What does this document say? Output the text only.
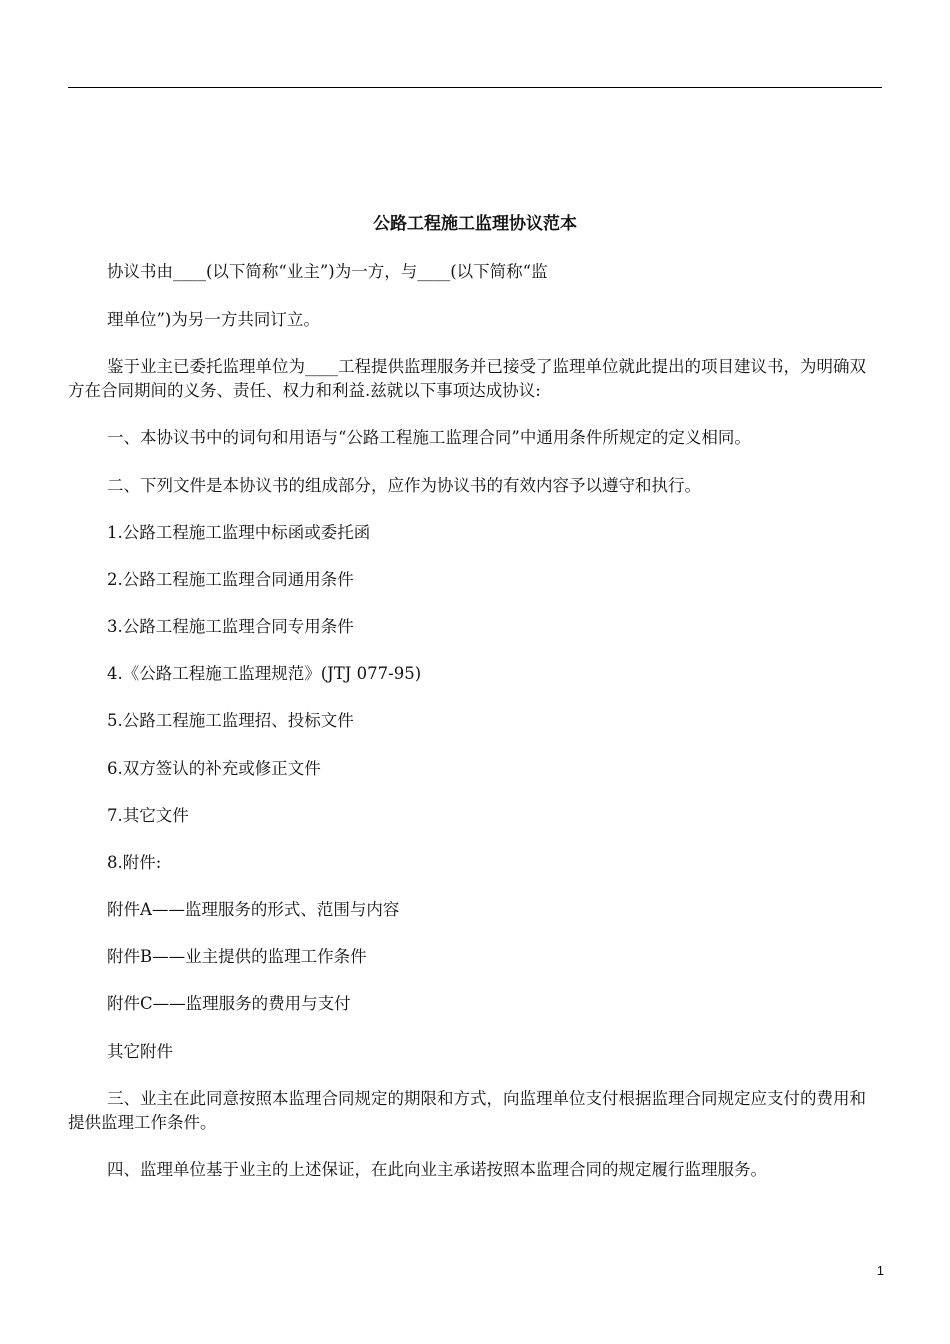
公路工程施工监理协议范本

协议书由____(以下简称“业主”)为一方，与____(以下简称“监

理单位”)为另一方共同订立。

鉴于业主已委托监理单位为____工程提供监理服务并已接受了监理单位就此提出的项目建议书，为明确双方在合同期间的义务、责任、权力和利益.兹就以下事项达成协议:

一、本协议书中的词句和用语与“公路工程施工监理合同”中通用条件所规定的定义相同。

二、下列文件是本协议书的组成部分，应作为协议书的有效内容予以遵守和执行。

1.公路工程施工监理中标函或委托函

2.公路工程施工监理合同通用条件

3.公路工程施工监理合同专用条件

4.《公路工程施工监理规范》(JTJ 077-95)

5.公路工程施工监理招、投标文件

6.双方签认的补充或修正文件

7.其它文件

8.附件:

附件A——监理服务的形式、范围与内容

附件B——业主提供的监理工作条件

附件C——监理服务的费用与支付

其它附件

三、业主在此同意按照本监理合同规定的期限和方式，向监理单位支付根据监理合同规定应支付的费用和提供监理工作条件。

四、监理单位基于业主的上述保证，在此向业主承诺按照本监理合同的规定履行监理服务。

1
